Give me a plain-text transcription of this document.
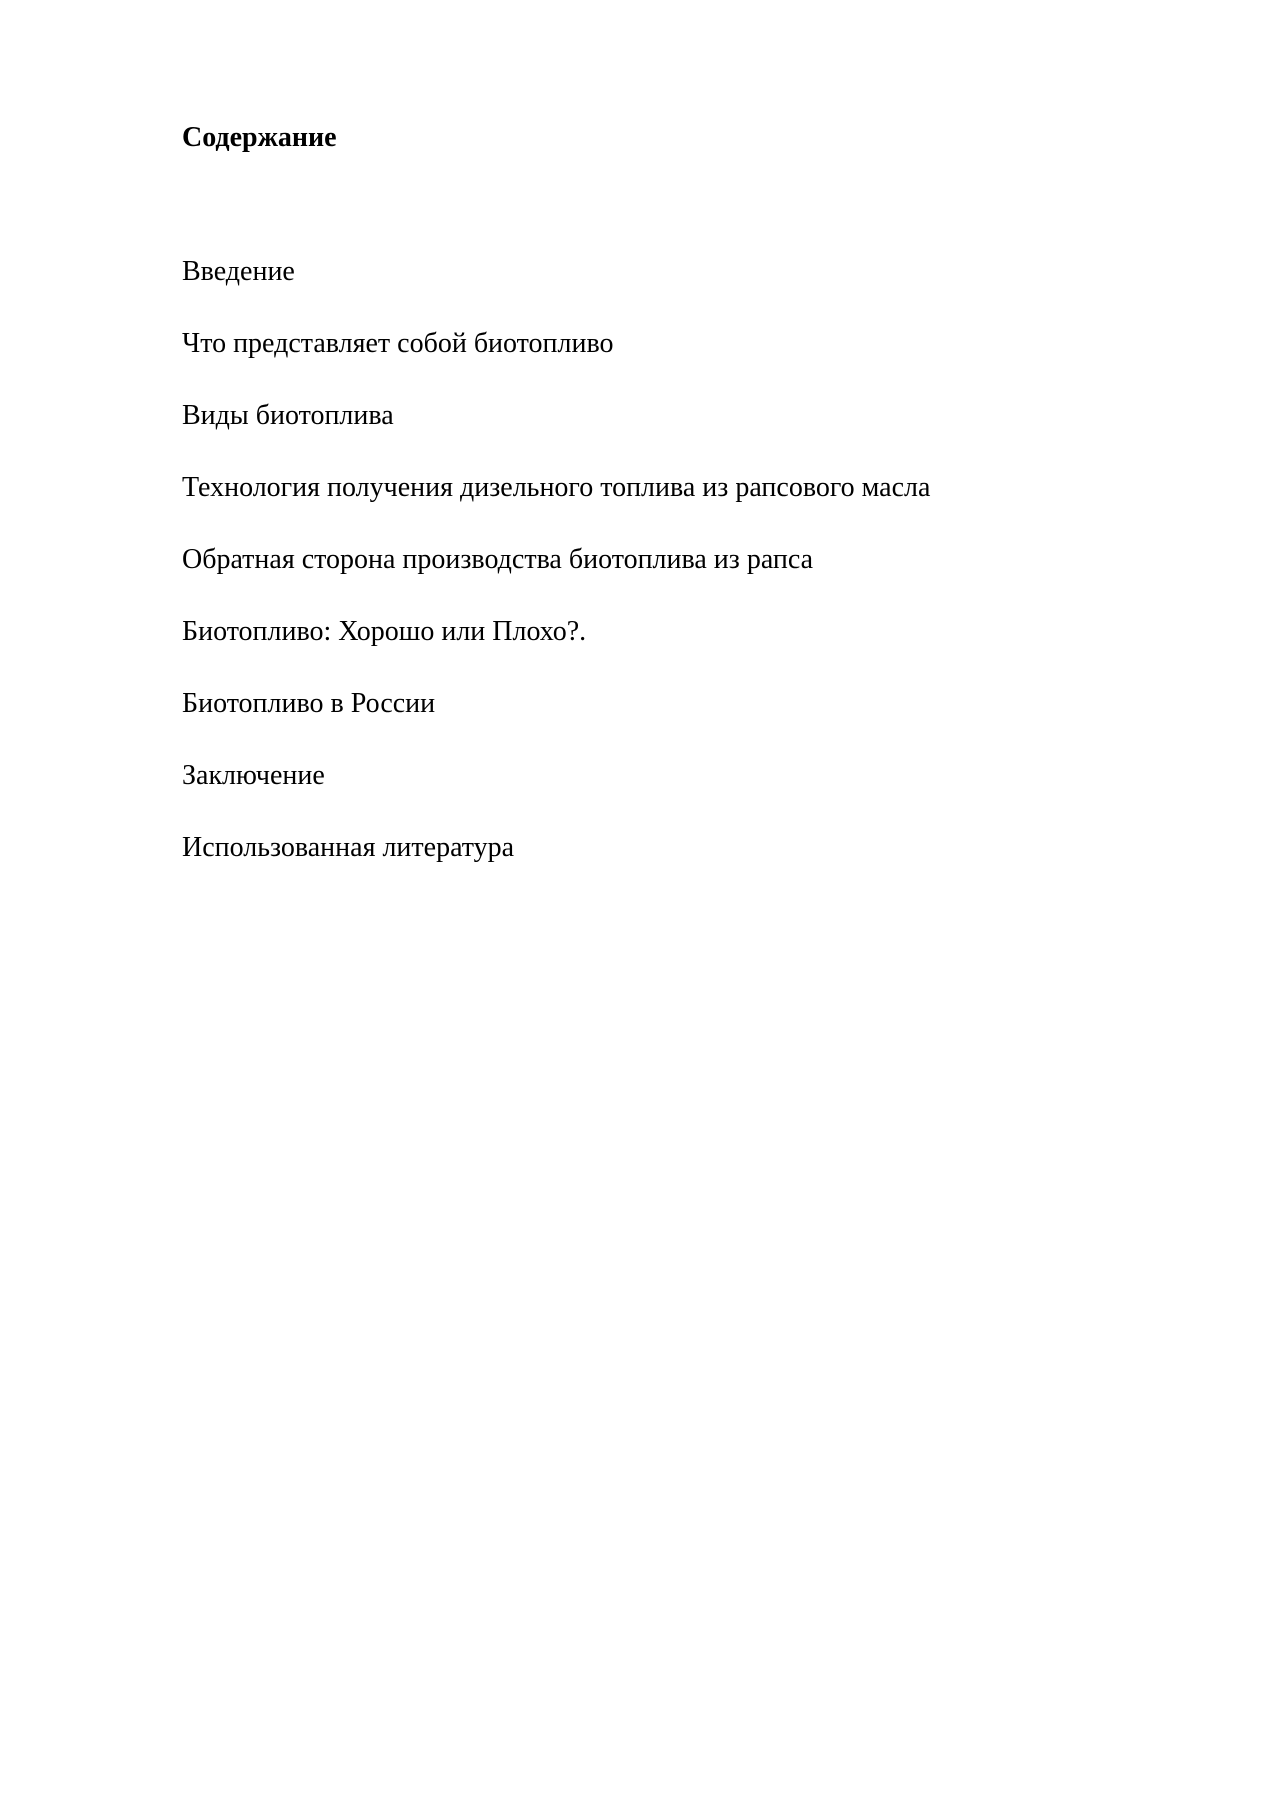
Содержание
Введение
Что представляет собой биотопливо
Виды биотоплива
Технология получения дизельного топлива из рапсового масла
Обратная сторона производства биотоплива из рапса
Биотопливо: Хорошо или Плохо?.
Биотопливо в России
Заключение
Использованная литература
